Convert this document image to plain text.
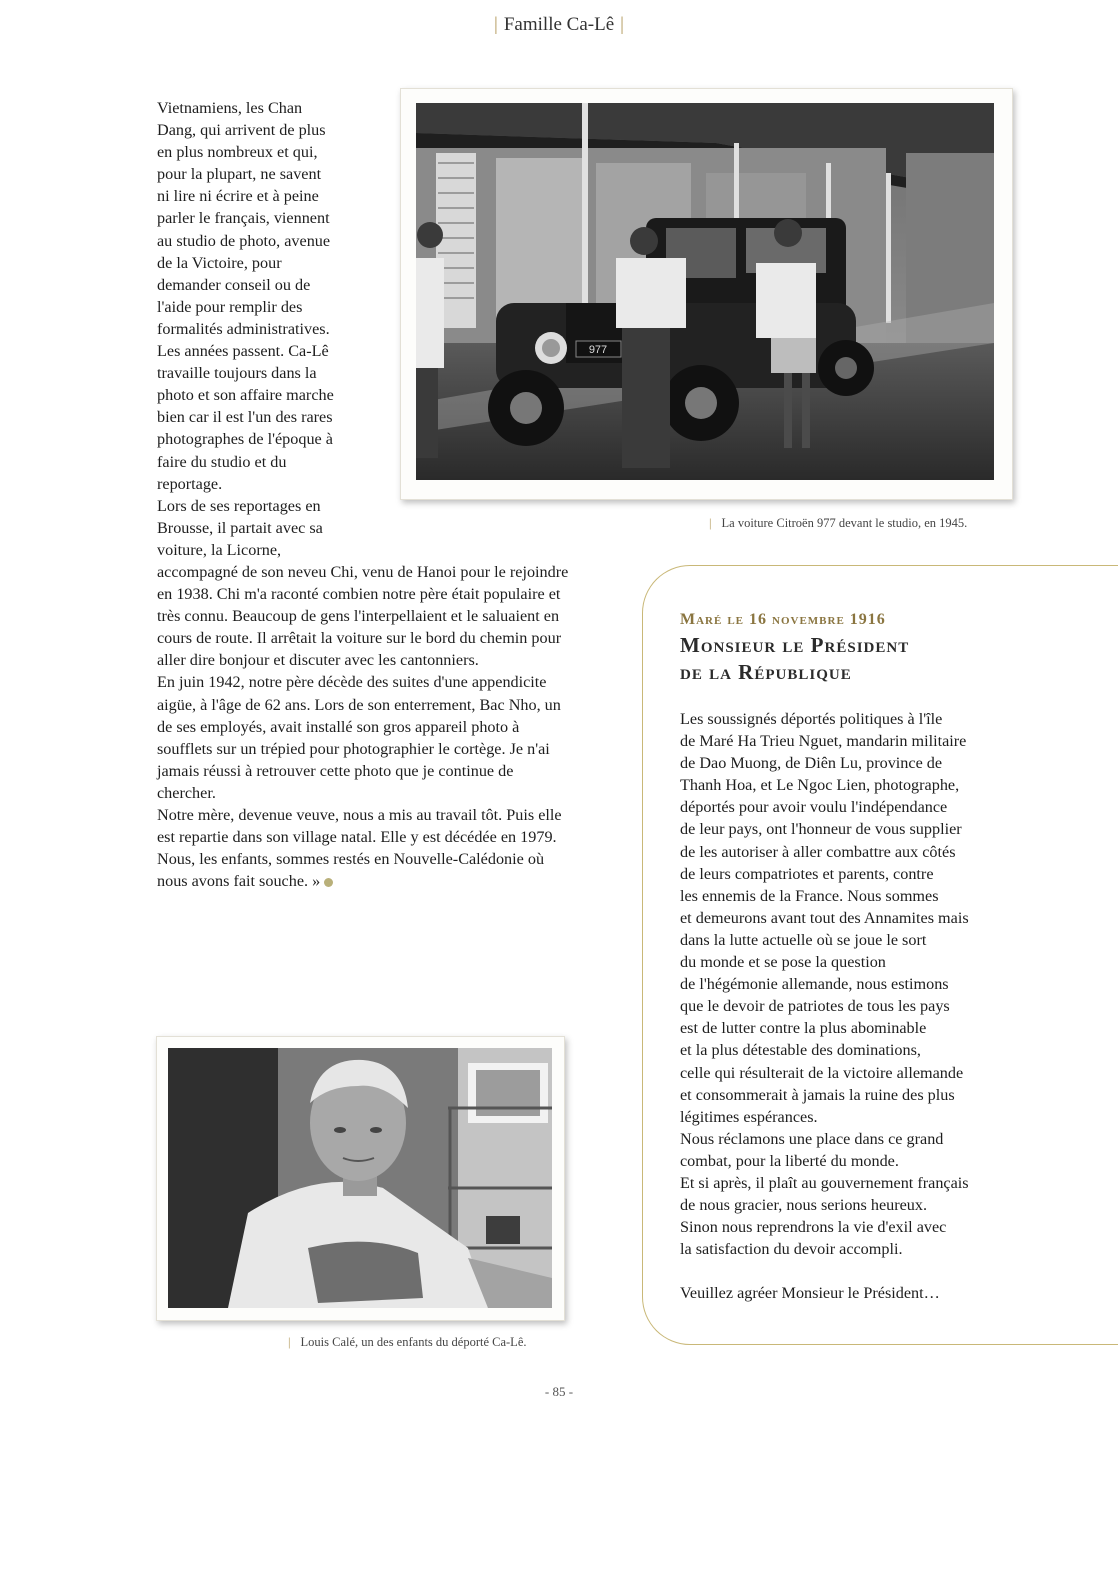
| Famille Ca-Lê |

Vietnamiens, les Chan Dang, qui arrivent de plus en plus nombreux et qui, pour la plupart, ne savent ni lire ni écrire et à peine parler le français, viennent au studio de photo, avenue de la Victoire, pour demander conseil ou de l'aide pour remplir des formalités administratives. Les années passent. Ca-Lê travaille toujours dans la photo et son affaire marche bien car il est l'un des rares photographes de l'époque à faire du studio et du reportage.

Lors de ses reportages en Brousse, il partait avec sa voiture, la Licorne, accompagné de son neveu Chi, venu de Hanoi pour le rejoindre en 1938. Chi m'a raconté combien notre père était populaire et très connu. Beaucoup de gens l'interpellaient et le saluaient en cours de route. Il arrêtait la voiture sur le bord du chemin pour aller dire bonjour et discuter avec les cantonniers.

En juin 1942, notre père décède des suites d'une appendicite aigüe, à l'âge de 62 ans. Lors de son enterrement, Bac Nho, un de ses employés, avait installé son gros appareil photo à soufflets sur un trépied pour photographier le cortège. Je n'ai jamais réussi à retrouver cette photo que je continue de chercher.

Notre mère, devenue veuve, nous a mis au travail tôt. Puis elle est repartie dans son village natal. Elle y est décédée en 1979. Nous, les enfants, sommes restés en Nouvelle-Calédonie où nous avons fait souche. »

977
| La voiture Citroën 977 devant le studio, en 1945.
| Louis Calé, un des enfants du déporté Ca-Lê.
Maré le 16 novembre 1916
Monsieur le Président
de la République
Les soussignés déportés politiques à l'île
de Maré Ha Trieu Nguet, mandarin militaire
de Dao Muong, de Diên Lu, province de
Thanh Hoa, et Le Ngoc Lien, photographe,
déportés pour avoir voulu l'indépendance
de leur pays, ont l'honneur de vous supplier
de les autoriser à aller combattre aux côtés
de leurs compatriotes et parents, contre
les ennemis de la France. Nous sommes
et demeurons avant tout des Annamites mais
dans la lutte actuelle où se joue le sort
du monde et se pose la question
de l'hégémonie allemande, nous estimons
que le devoir de patriotes de tous les pays
est de lutter contre la plus abominable
et la plus détestable des dominations,
celle qui résulterait de la victoire allemande
et consommerait à jamais la ruine des plus
légitimes espérances.
Nous réclamons une place dans ce grand
combat, pour la liberté du monde.
Et si après, il plaît au gouvernement français
de nous gracier, nous serions heureux.
Sinon nous reprendrons la vie d'exil avec
la satisfaction du devoir accompli.
Veuillez agréer Monsieur le Président…
- 85 -
